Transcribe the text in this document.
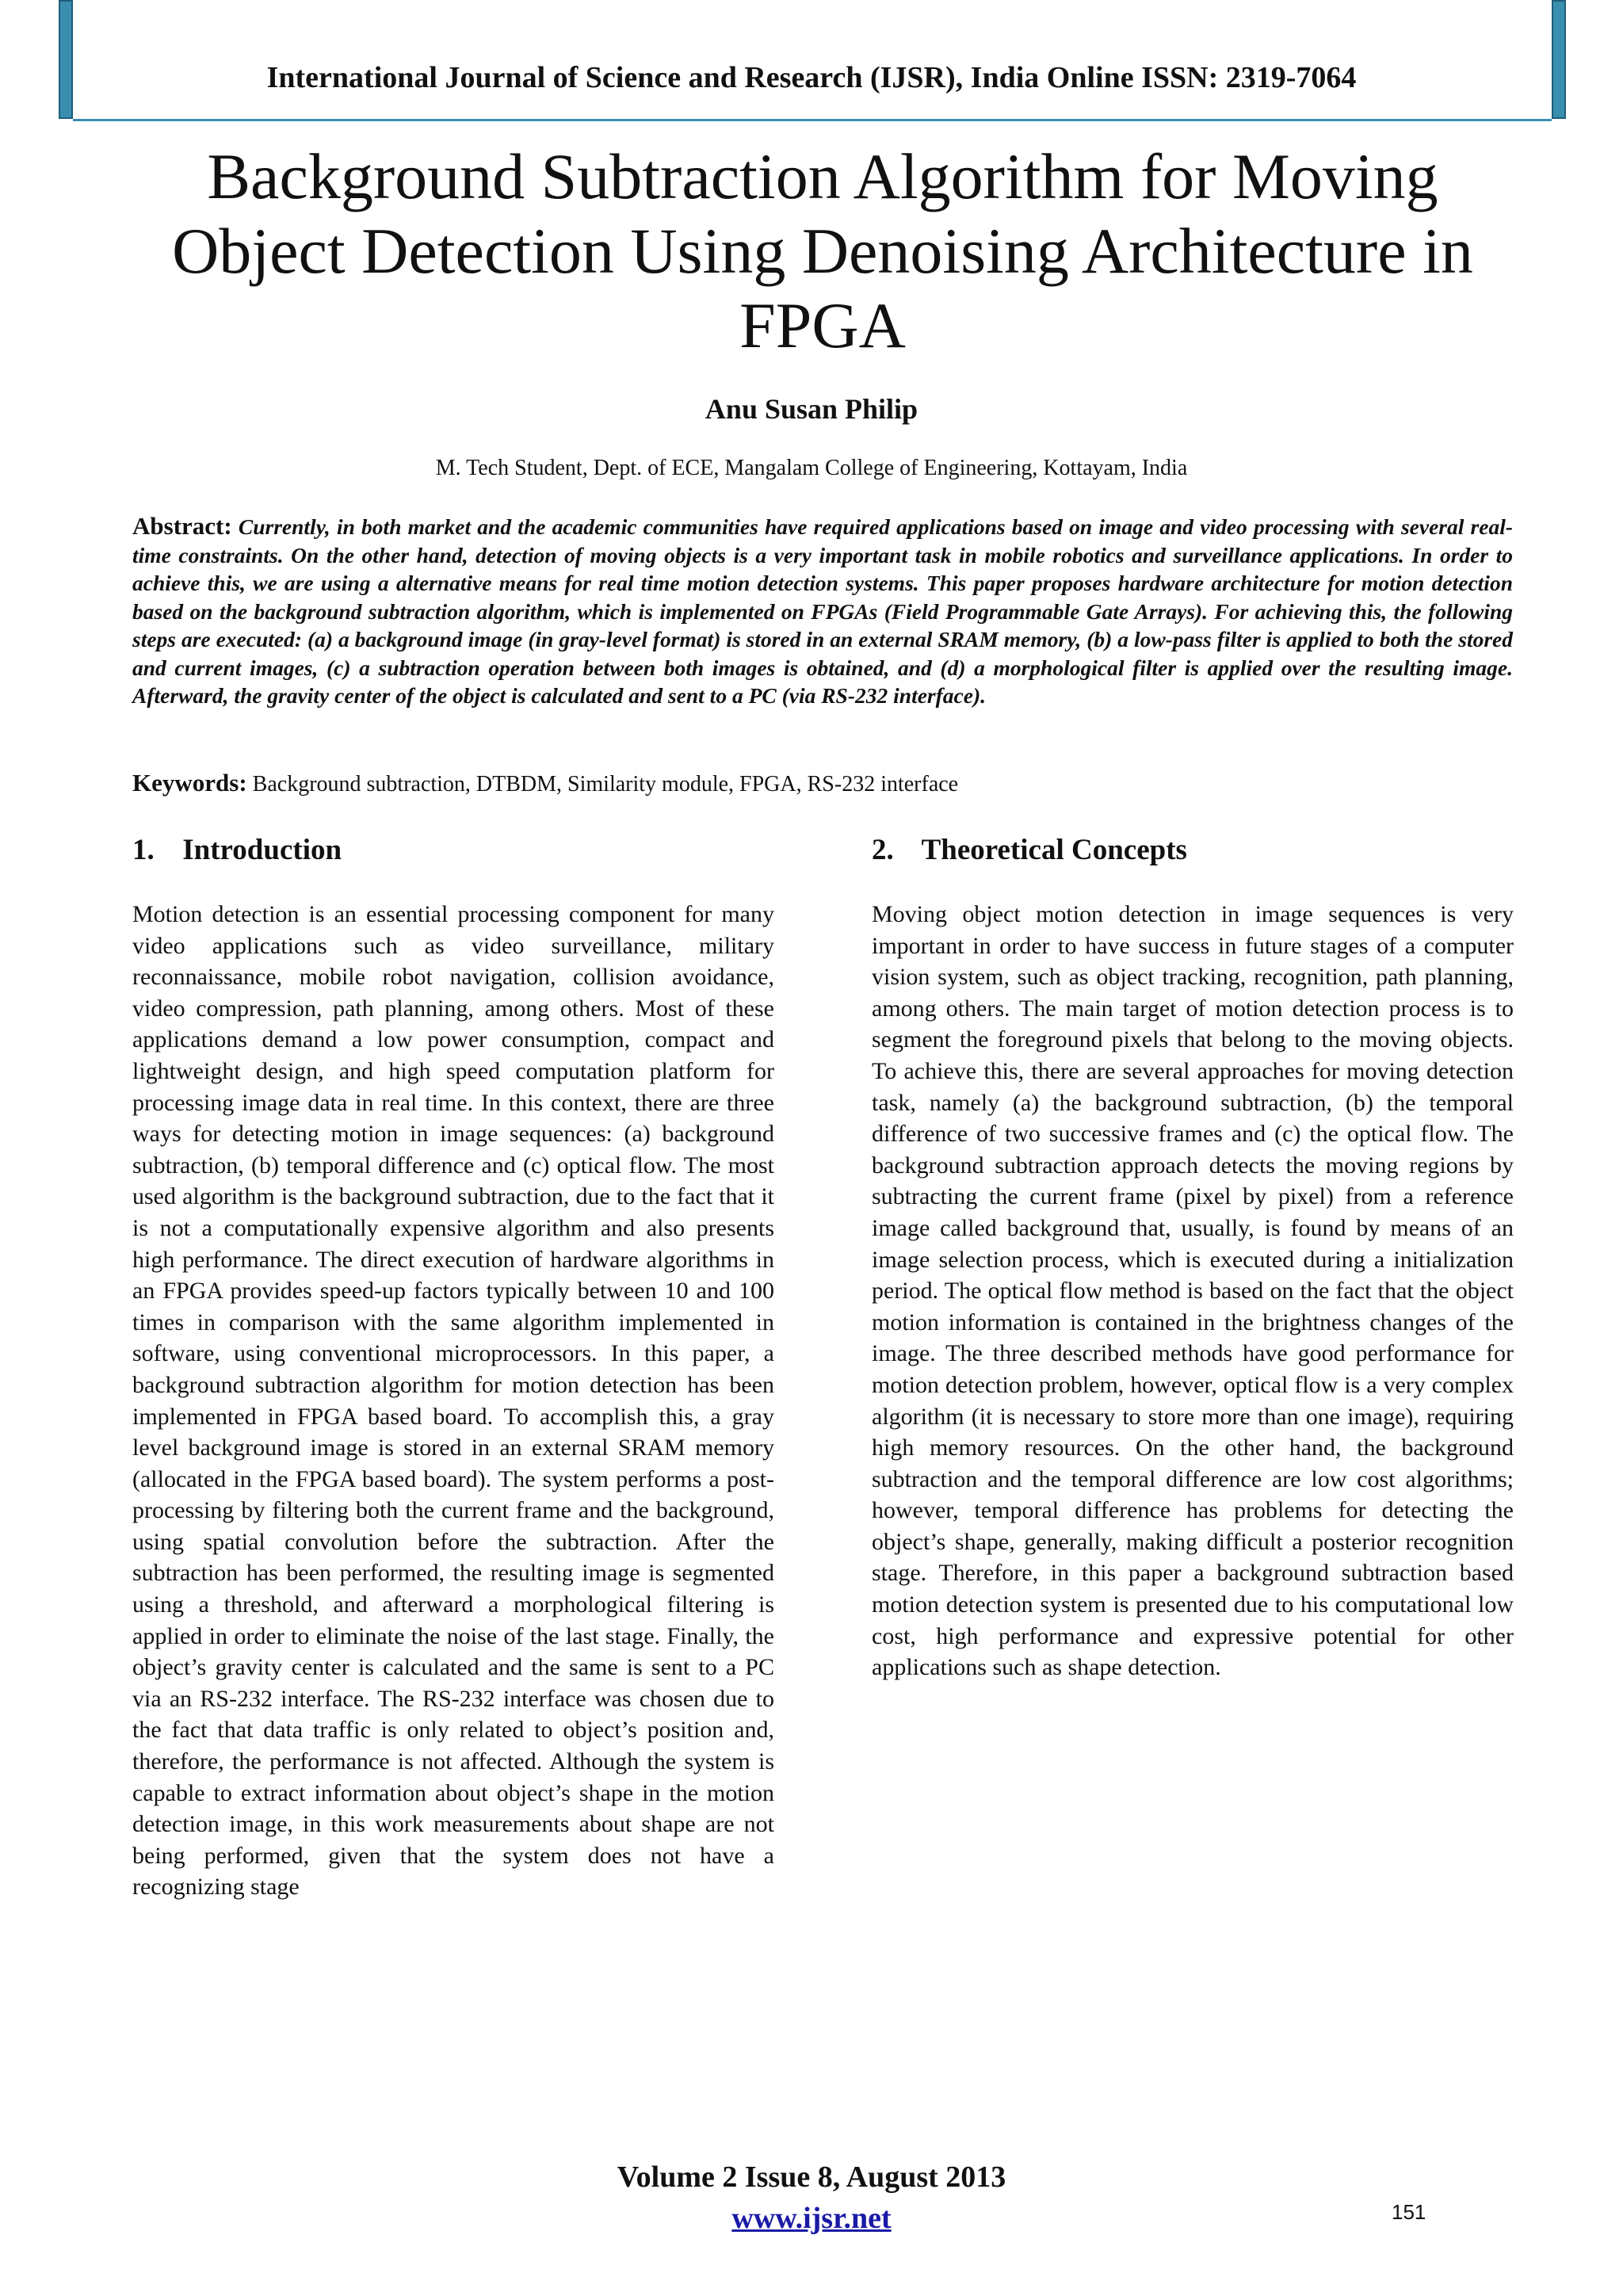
International Journal of Science and Research (IJSR), India Online ISSN: 2319-7064
Background Subtraction Algorithm for Moving Object Detection Using Denoising Architecture in FPGA
Anu Susan Philip
M. Tech Student, Dept. of ECE, Mangalam College of Engineering, Kottayam, India
Abstract: Currently, in both market and the academic communities have required applications based on image and video processing with several real-time constraints. On the other hand, detection of moving objects is a very important task in mobile robotics and surveillance applications. In order to achieve this, we are using a alternative means for real time motion detection systems. This paper proposes hardware architecture for motion detection based on the background subtraction algorithm, which is implemented on FPGAs (Field Programmable Gate Arrays). For achieving this, the following steps are executed: (a) a background image (in gray-level format) is stored in an external SRAM memory, (b) a low-pass filter is applied to both the stored and current images, (c) a subtraction operation between both images is obtained, and (d) a morphological filter is applied over the resulting image. Afterward, the gravity center of the object is calculated and sent to a PC (via RS-232 interface).
Keywords: Background subtraction, DTBDM, Similarity module, FPGA, RS-232 interface
1. Introduction

Motion detection is an essential processing component for many video applications such as video surveillance, military reconnaissance, mobile robot navigation, collision avoidance, video compression, path planning, among others. Most of these applications demand a low power consumption, compact and lightweight design, and high speed computation platform for processing image data in real time. In this context, there are three ways for detecting motion in image sequences: (a) background subtraction, (b) temporal difference and (c) optical flow. The most used algorithm is the background subtraction, due to the fact that it is not a computationally expensive algorithm and also presents high performance. The direct execution of hardware algorithms in an FPGA provides speed-up factors typically between 10 and 100 times in comparison with the same algorithm implemented in software, using conventional microprocessors. In this paper, a background subtraction algorithm for motion detection has been implemented in FPGA based board. To accomplish this, a gray level background image is stored in an external SRAM memory (allocated in the FPGA based board). The system performs a post-processing by filtering both the current frame and the background, using spatial convolution before the subtraction. After the subtraction has been performed, the resulting image is segmented using a threshold, and afterward a morphological filtering is applied in order to eliminate the noise of the last stage. Finally, the object’s gravity center is calculated and the same is sent to a PC via an RS-232 interface. The RS-232 interface was chosen due to the fact that data traffic is only related to object’s position and, therefore, the performance is not affected. Although the system is capable to extract information about object’s shape in the motion detection image, in this work measurements about shape are not being performed, given that the system does not have a recognizing stage

2. Theoretical Concepts

Moving object motion detection in image sequences is very important in order to have success in future stages of a computer vision system, such as object tracking, recognition, path planning, among others. The main target of motion detection process is to segment the foreground pixels that belong to the moving objects. To achieve this, there are several approaches for moving detection task, namely (a) the background subtraction, (b) the temporal difference of two successive frames and (c) the optical flow. The background subtraction approach detects the moving regions by subtracting the current frame (pixel by pixel) from a reference image called background that, usually, is found by means of an image selection process, which is executed during a initialization period. The optical flow method is based on the fact that the object motion information is contained in the brightness changes of the image. The three described methods have good performance for motion detection problem, however, optical flow is a very complex algorithm (it is necessary to store more than one image), requiring high memory resources. On the other hand, the background subtraction and the temporal difference are low cost algorithms; however, temporal difference has problems for detecting the object’s shape, generally, making difficult a posterior recognition stage. Therefore, in this paper a background subtraction based motion detection system is presented due to his computational low cost, high performance and expressive potential for other applications such as shape detection.

Volume 2 Issue 8, August 2013
www.ijsr.net	151
